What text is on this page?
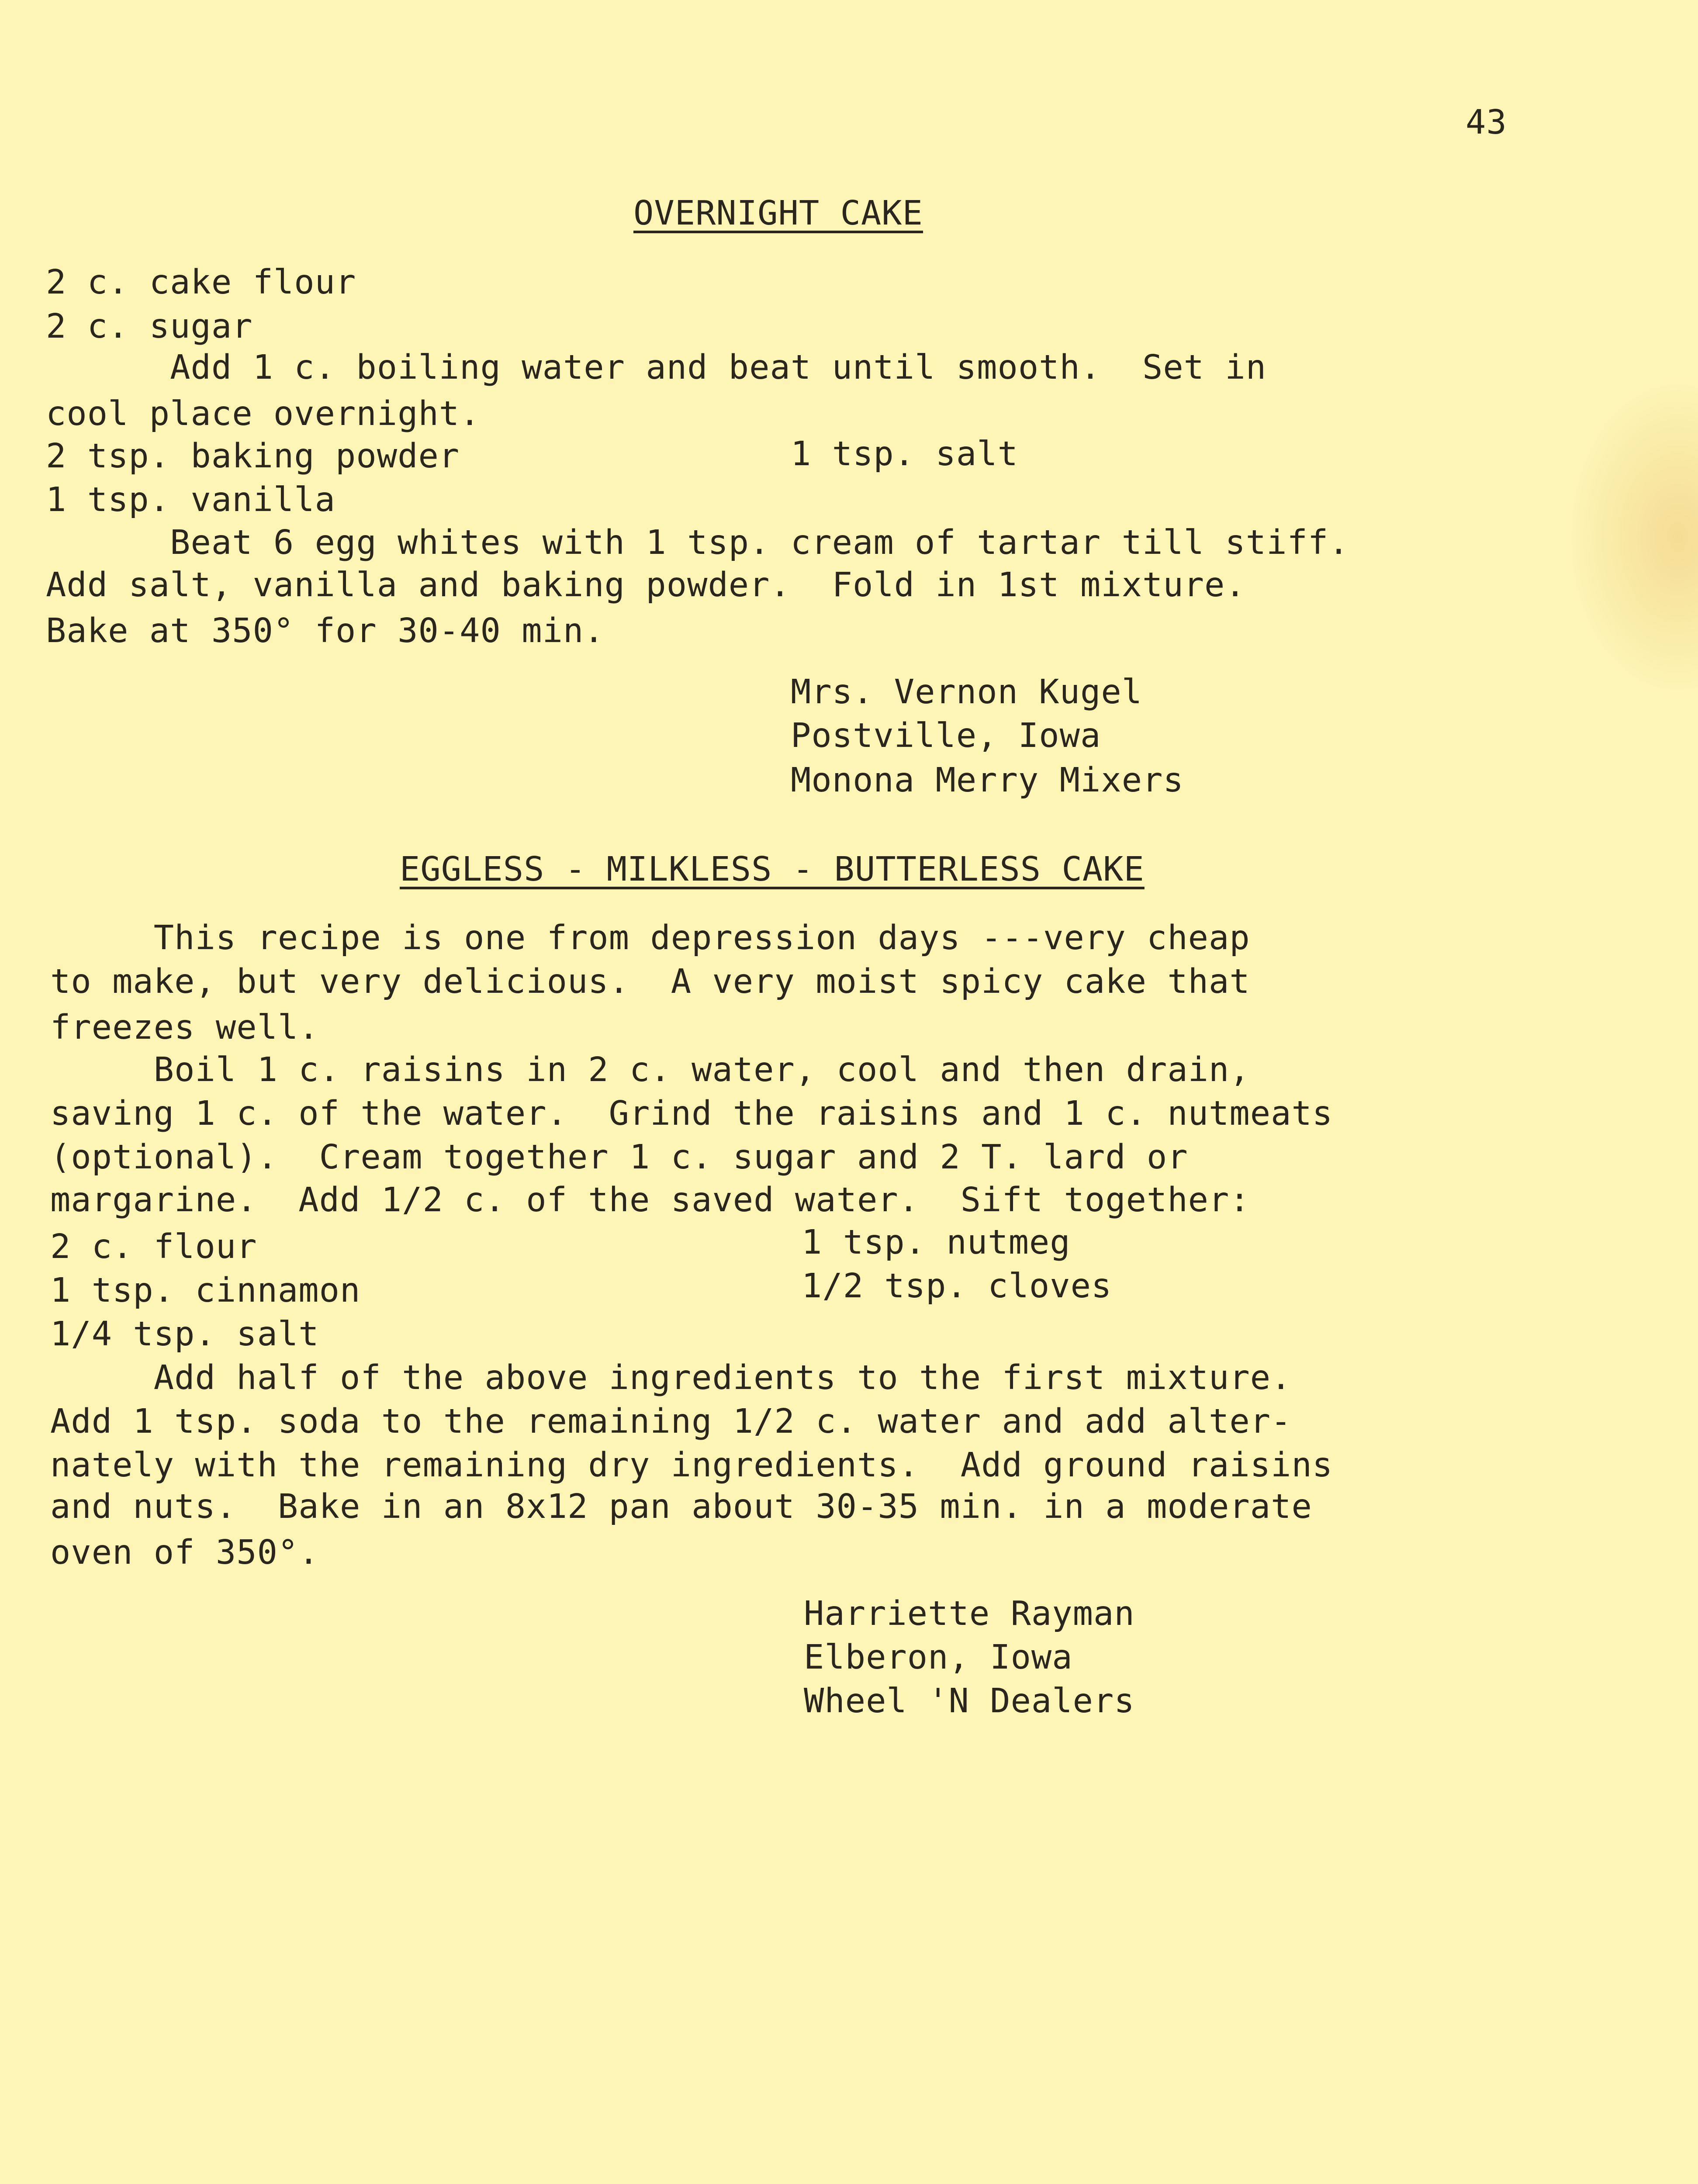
43
OVERNIGHT CAKE
2 c. cake flour
2 c. sugar
Add 1 c. boiling water and beat until smooth.  Set in
cool place overnight.
2 tsp. baking powder	1 tsp. salt
1 tsp. vanilla
Beat 6 egg whites with 1 tsp. cream of tartar till stiff.
Add salt, vanilla and baking powder.  Fold in 1st mixture.
Bake at 350° for 30-40 min.
Mrs. Vernon Kugel
Postville, Iowa
Monona Merry Mixers
EGGLESS - MILKLESS - BUTTERLESS CAKE
This recipe is one from depression days ---very cheap
to make, but very delicious.  A very moist spicy cake that
freezes well.
Boil 1 c. raisins in 2 c. water, cool and then drain,
saving 1 c. of the water.  Grind the raisins and 1 c. nutmeats
(optional).  Cream together 1 c. sugar and 2 T. lard or
margarine.  Add 1/2 c. of the saved water.  Sift together:
2 c. flour	1 tsp. nutmeg
1 tsp. cinnamon	1/2 tsp. cloves
1/4 tsp. salt
Add half of the above ingredients to the first mixture.
Add 1 tsp. soda to the remaining 1/2 c. water and add alter-
nately with the remaining dry ingredients.  Add ground raisins
and nuts.  Bake in an 8x12 pan about 30-35 min. in a moderate
oven of 350°.
Harriette Rayman
Elberon, Iowa
Wheel 'N Dealers
